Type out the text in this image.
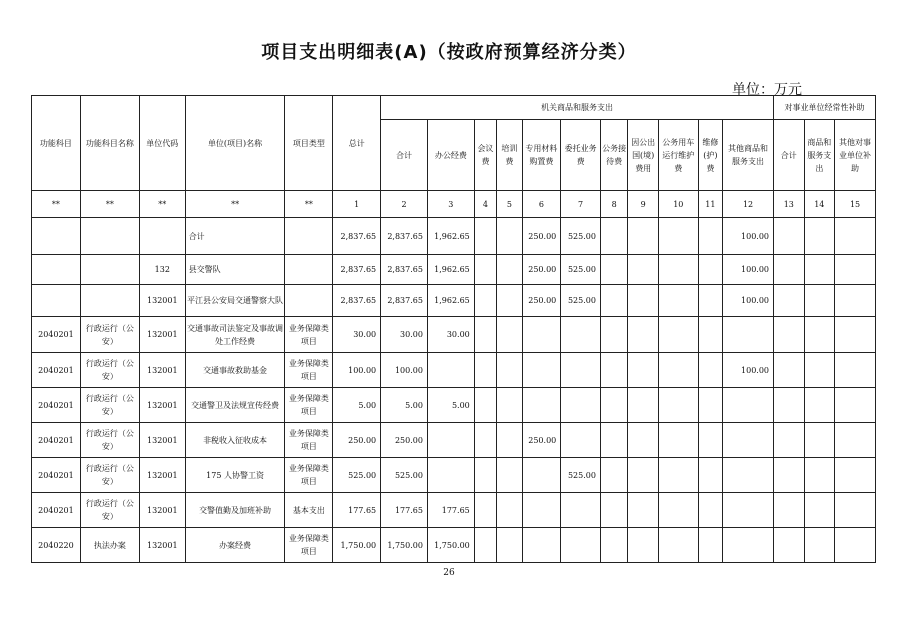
项目支出明细表(A)（按政府预算经济分类）
单位：万元
功能科目	功能科目名称	单位代码	单位(项目)名称	项目类型	总计	机关商品和服务支出											对事业单位经常性补助		
						合计	办公经费	会议费	培训费	专用材料购置费	委托业务费	公务接待费	因公出国(境)费用	公务用车运行维护费	维修(护)费	其他商品和服务支出	合计	商品和服务支出	其他对事业单位补助
**	**	**	**	**	1	2	3	4	5	6	7	8	9	10	11	12	13	14	15
			合计		2,837.65	2,837.65	1,962.65			250.00	525.00					100.00			
		132	县交警队		2,837.65	2,837.65	1,962.65			250.00	525.00					100.00			
		132001	平江县公安局交通警察大队		2,837.65	2,837.65	1,962.65			250.00	525.00					100.00			
2040201	行政运行（公安）	132001	交通事故司法鉴定及事故调处工作经费	业务保障类项目	30.00	30.00	30.00												
2040201	行政运行（公安）	132001	交通事故救助基金	业务保障类项目	100.00	100.00										100.00			
2040201	行政运行（公安）	132001	交通警卫及法规宣传经费	业务保障类项目	5.00	5.00	5.00												
2040201	行政运行（公安）	132001	非税收入征收成本	业务保障类项目	250.00	250.00				250.00									
2040201	行政运行（公安）	132001	175 人协警工资	业务保障类项目	525.00	525.00					525.00								
2040201	行政运行（公安）	132001	交警值勤及加班补助	基本支出	177.65	177.65	177.65												
2040220	执法办案	132001	办案经费	业务保障类项目	1,750.00	1,750.00	1,750.00												
26
